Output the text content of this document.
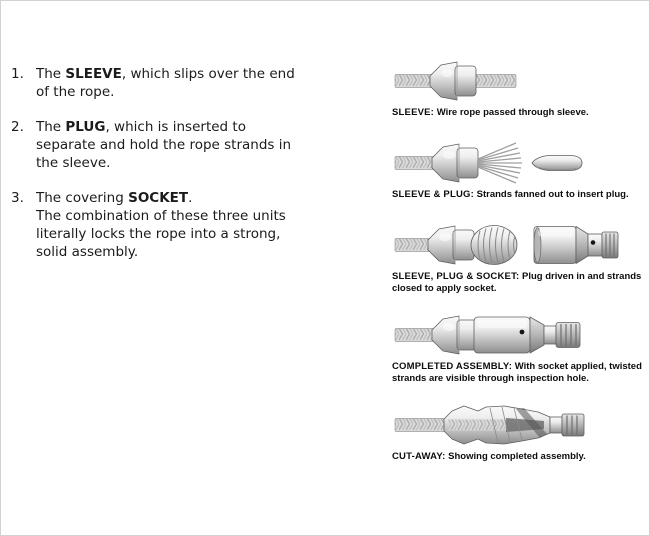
1. The SLEEVE, which slips over the end
of the rope.
2. The PLUG, which is inserted to
separate and hold the rope strands in
the sleeve.
3. The covering SOCKET.
The combination of these three units
literally locks the rope into a strong,
solid assembly.
SLEEVE: Wire rope passed through sleeve.
SLEEVE & PLUG: Strands fanned out to insert plug.
SLEEVE, PLUG & SOCKET: Plug driven in and strands
closed to apply socket.
COMPLETED ASSEMBLY: With socket applied, twisted
strands are visible through inspection hole.
CUT-AWAY: Showing completed assembly.
